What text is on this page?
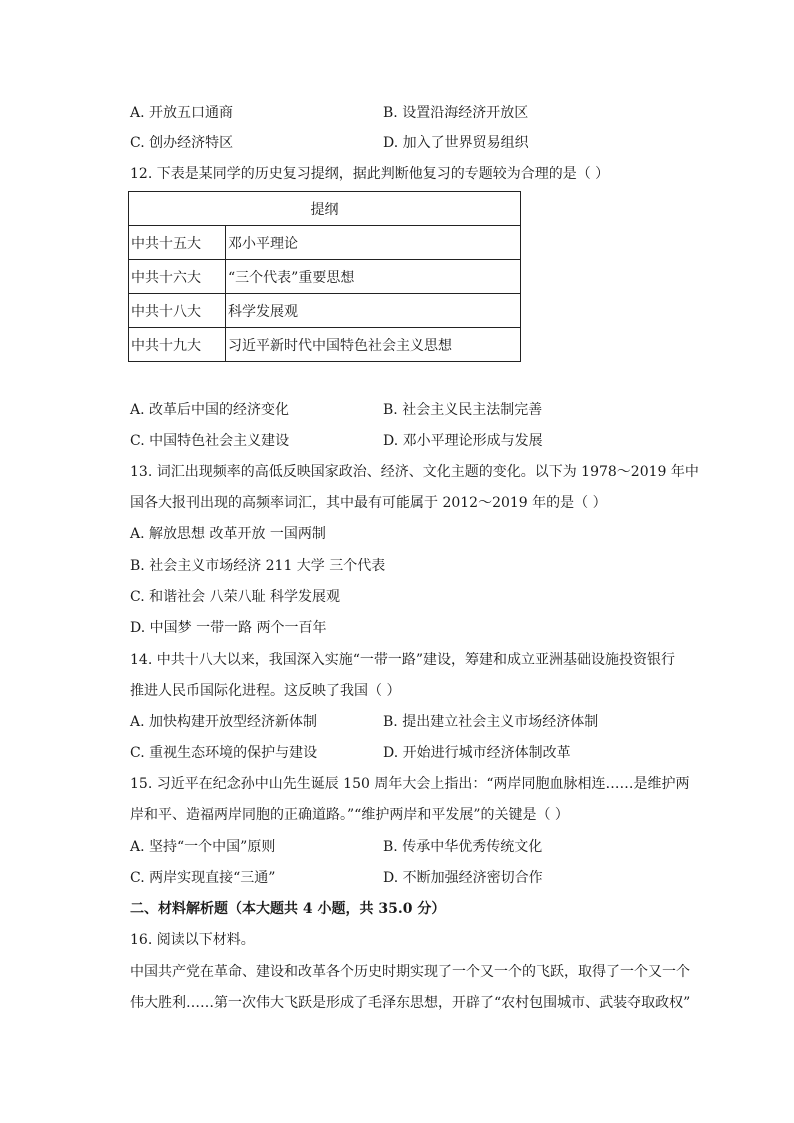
A. 开放五口通商	B. 设置沿海经济开放区
C. 创办经济特区	D. 加入了世界贸易组织
12. 下表是某同学的历史复习提纲，据此判断他复习的专题较为合理的是（ ）
提纲	
中共十五大	邓小平理论
中共十六大	“三个代表”重要思想
中共十八大	科学发展观
中共十九大	习近平新时代中国特色社会主义思想
A. 改革后中国的经济变化	B. 社会主义民主法制完善
C. 中国特色社会主义建设	D. 邓小平理论形成与发展
13. 词汇出现频率的高低反映国家政治、经济、文化主题的变化。以下为 1978～2019 年中
国各大报刊出现的高频率词汇，其中最有可能属于 2012～2019 年的是（ ）
A. 解放思想 改革开放 一国两制
B. 社会主义市场经济 211 大学 三个代表
C. 和谐社会 八荣八耻 科学发展观
D. 中国梦 一带一路 两个一百年
14. 中共十八大以来，我国深入实施“一带一路”建设，筹建和成立亚洲基础设施投资银行
推进人民币国际化进程。这反映了我国（ ）
A. 加快构建开放型经济新体制	B. 提出建立社会主义市场经济体制
C. 重视生态环境的保护与建设	D. 开始进行城市经济体制改革
15. 习近平在纪念孙中山先生诞辰 150 周年大会上指出：“两岸同胞血脉相连……是维护两
岸和平、造福两岸同胞的正确道路。”“维护两岸和平发展”的关键是（ ）
A. 坚持“一个中国”原则	B. 传承中华优秀传统文化
C. 两岸实现直接“三通”	D. 不断加强经济密切合作
二、材料解析题（本大题共 4 小题，共 35.0 分）
16. 阅读以下材料。
中国共产党在革命、建设和改革各个历史时期实现了一个又一个的飞跃，取得了一个又一个
伟大胜利……第一次伟大飞跃是形成了毛泽东思想，开辟了“农村包围城市、武装夺取政权”
